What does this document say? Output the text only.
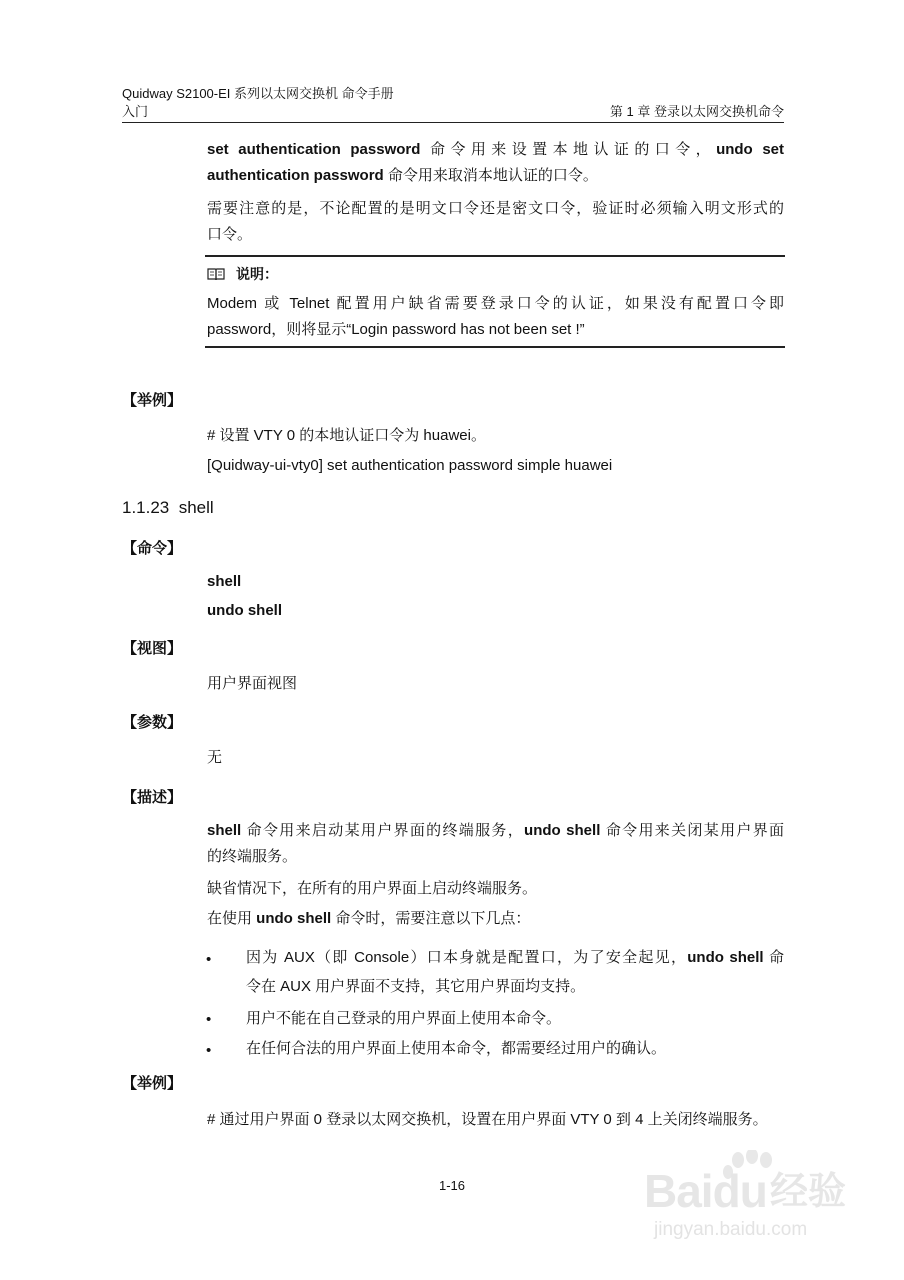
Quidway S2100-EI 系列以太网交换机 命令手册
入门	第 1 章 登录以太网交换机命令
set authentication password 命令用来设置本地认证的口令，undo set
authentication password 命令用来取消本地认证的口令。
需要注意的是，不论配置的是明文口令还是密文口令，验证时必须输入明文形式的
口令。
说明：
Modem 或 Telnet 配置用户缺省需要登录口令的认证，如果没有配置口令即
password，则将显示“Login password has not been set !”
【举例】
# 设置 VTY 0 的本地认证口令为 huawei。
[Quidway-ui-vty0] set authentication password simple huawei
1.1.23 shell
【命令】
shell
undo shell
【视图】
用户界面视图
【参数】
无
【描述】
shell 命令用来启动某用户界面的终端服务，undo shell 命令用来关闭某用户界面
的终端服务。
缺省情况下，在所有的用户界面上启动终端服务。
在使用 undo shell 命令时，需要注意以下几点：
• 因为 AUX（即 Console）口本身就是配置口，为了安全起见，undo shell 命
令在 AUX 用户界面不支持，其它用户界面均支持。
• 用户不能在自己登录的用户界面上使用本命令。
• 在任何合法的用户界面上使用本命令，都需要经过用户的确认。
【举例】
# 通过用户界面 0 登录以太网交换机，设置在用户界面 VTY 0 到 4 上关闭终端服务。
1-16	Baidu 经验
jingyan.baidu.com
